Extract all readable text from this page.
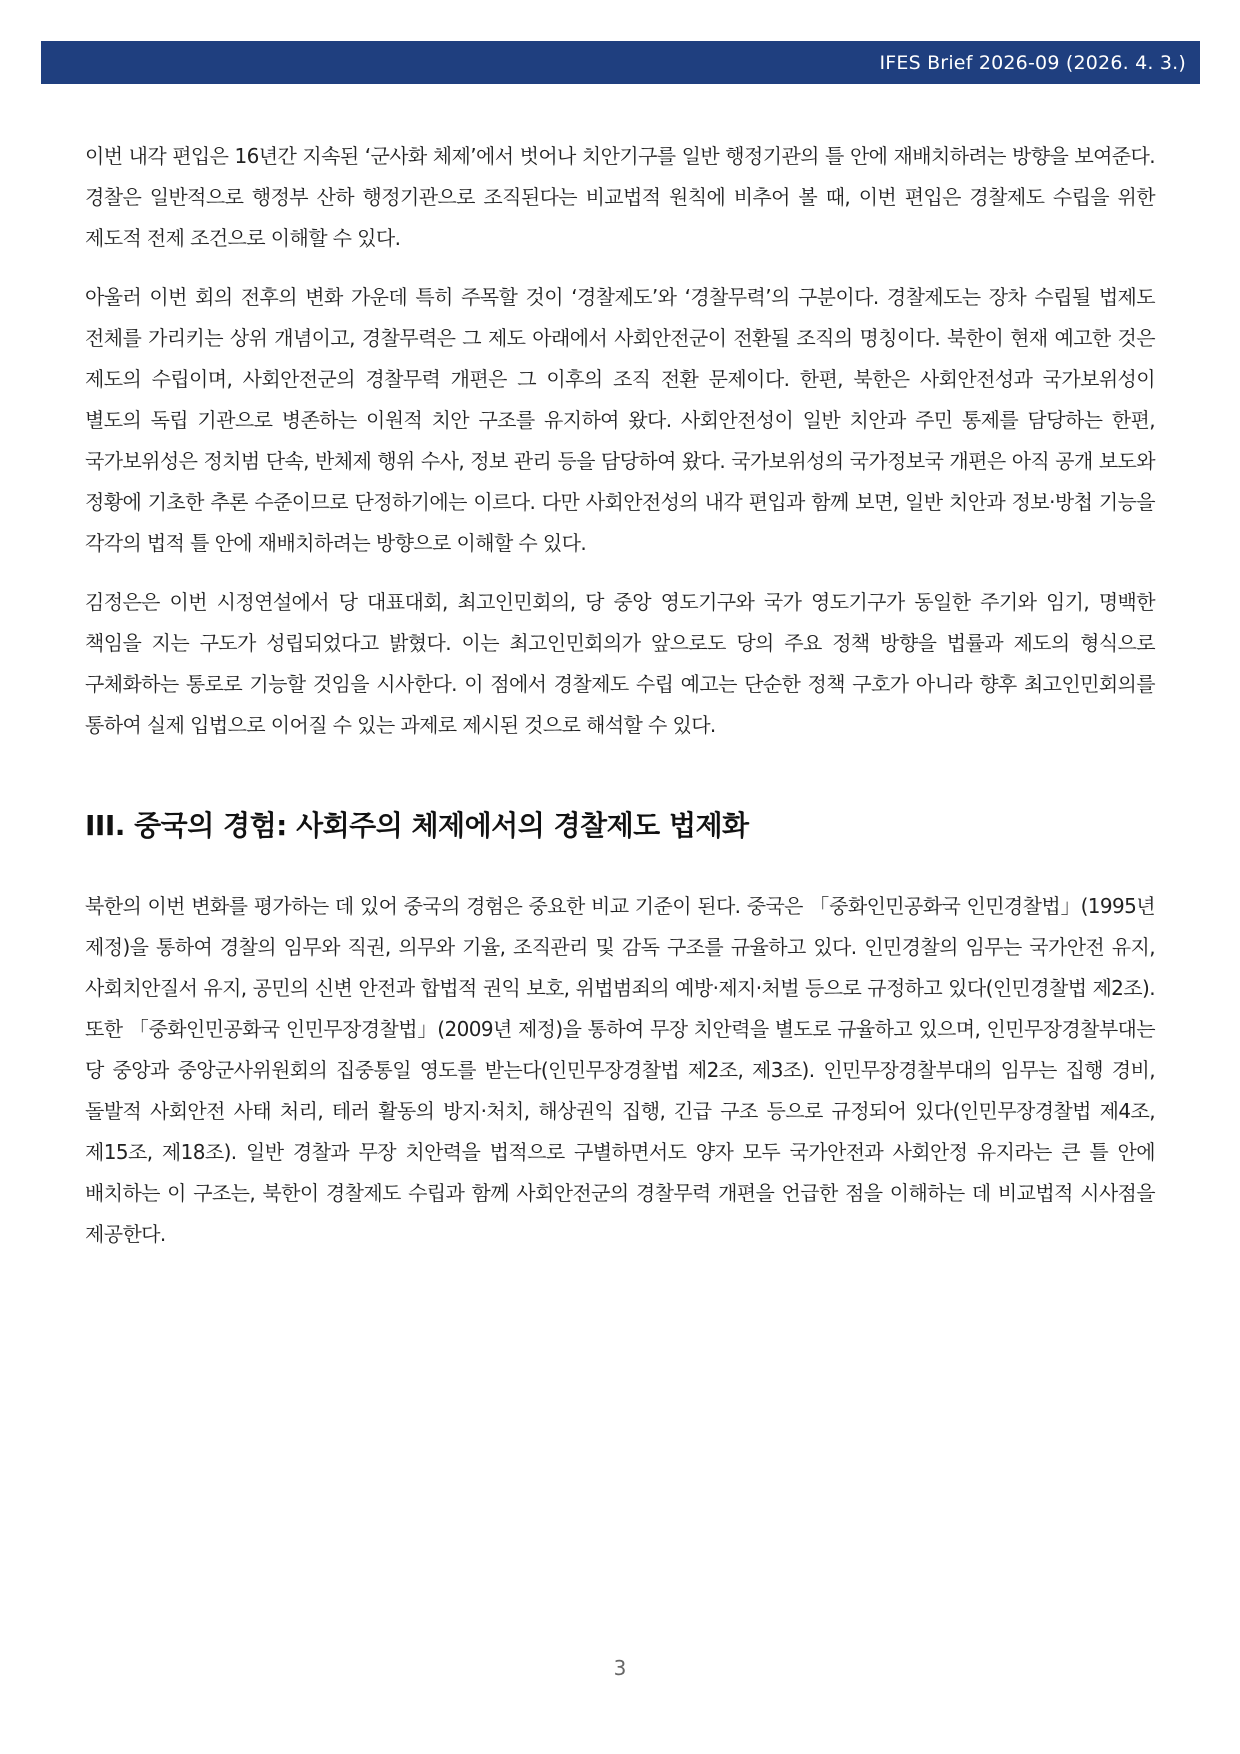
IFES Brief 2026-09 (2026. 4. 3.)

이번 내각 편입은 16년간 지속된 ‘군사화 체제’에서 벗어나 치안기구를 일반 행정기관의 틀 안에 재배치하려는 방향을 보여준다. 경찰은 일반적으로 행정부 산하 행정기관으로 조직된다는 비교법적 원칙에 비추어 볼 때, 이번 편입은 경찰제도 수립을 위한 제도적 전제 조건으로 이해할 수 있다.

아울러 이번 회의 전후의 변화 가운데 특히 주목할 것이 ‘경찰제도’와 ‘경찰무력’의 구분이다. 경찰제도는 장차 수립될 법제도 전체를 가리키는 상위 개념이고, 경찰무력은 그 제도 아래에서 사회안전군이 전환될 조직의 명칭이다. 북한이 현재 예고한 것은 제도의 수립이며, 사회안전군의 경찰무력 개편은 그 이후의 조직 전환 문제이다. 한편, 북한은 사회안전성과 국가보위성이 별도의 독립 기관으로 병존하는 이원적 치안 구조를 유지하여 왔다. 사회안전성이 일반 치안과 주민 통제를 담당하는 한편, 국가보위성은 정치범 단속, 반체제 행위 수사, 정보 관리 등을 담당하여 왔다. 국가보위성의 국가정보국 개편은 아직 공개 보도와 정황에 기초한 추론 수준이므로 단정하기에는 이르다. 다만 사회안전성의 내각 편입과 함께 보면, 일반 치안과 정보·방첩 기능을 각각의 법적 틀 안에 재배치하려는 방향으로 이해할 수 있다.

김정은은 이번 시정연설에서 당 대표대회, 최고인민회의, 당 중앙 영도기구와 국가 영도기구가 동일한 주기와 임기, 명백한 책임을 지는 구도가 성립되었다고 밝혔다. 이는 최고인민회의가 앞으로도 당의 주요 정책 방향을 법률과 제도의 형식으로 구체화하는 통로로 기능할 것임을 시사한다. 이 점에서 경찰제도 수립 예고는 단순한 정책 구호가 아니라 향후 최고인민회의를 통하여 실제 입법으로 이어질 수 있는 과제로 제시된 것으로 해석할 수 있다.

III. 중국의 경험: 사회주의 체제에서의 경찰제도 법제화

북한의 이번 변화를 평가하는 데 있어 중국의 경험은 중요한 비교 기준이 된다. 중국은 「중화인민공화국 인민경찰법」(1995년 제정)을 통하여 경찰의 임무와 직권, 의무와 기율, 조직관리 및 감독 구조를 규율하고 있다. 인민경찰의 임무는 국가안전 유지, 사회치안질서 유지, 공민의 신변 안전과 합법적 권익 보호, 위법범죄의 예방·제지·처벌 등으로 규정하고 있다(인민경찰법 제2조). 또한 「중화인민공화국 인민무장경찰법」(2009년 제정)을 통하여 무장 치안력을 별도로 규율하고 있으며, 인민무장경찰부대는 당 중앙과 중앙군사위원회의 집중통일 영도를 받는다(인민무장경찰법 제2조, 제3조). 인민무장경찰부대의 임무는 집행 경비, 돌발적 사회안전 사태 처리, 테러 활동의 방지·처치, 해상권익 집행, 긴급 구조 등으로 규정되어 있다(인민무장경찰법 제4조, 제15조, 제18조). 일반 경찰과 무장 치안력을 법적으로 구별하면서도 양자 모두 국가안전과 사회안정 유지라는 큰 틀 안에 배치하는 이 구조는, 북한이 경찰제도 수립과 함께 사회안전군의 경찰무력 개편을 언급한 점을 이해하는 데 비교법적 시사점을 제공한다.

3
